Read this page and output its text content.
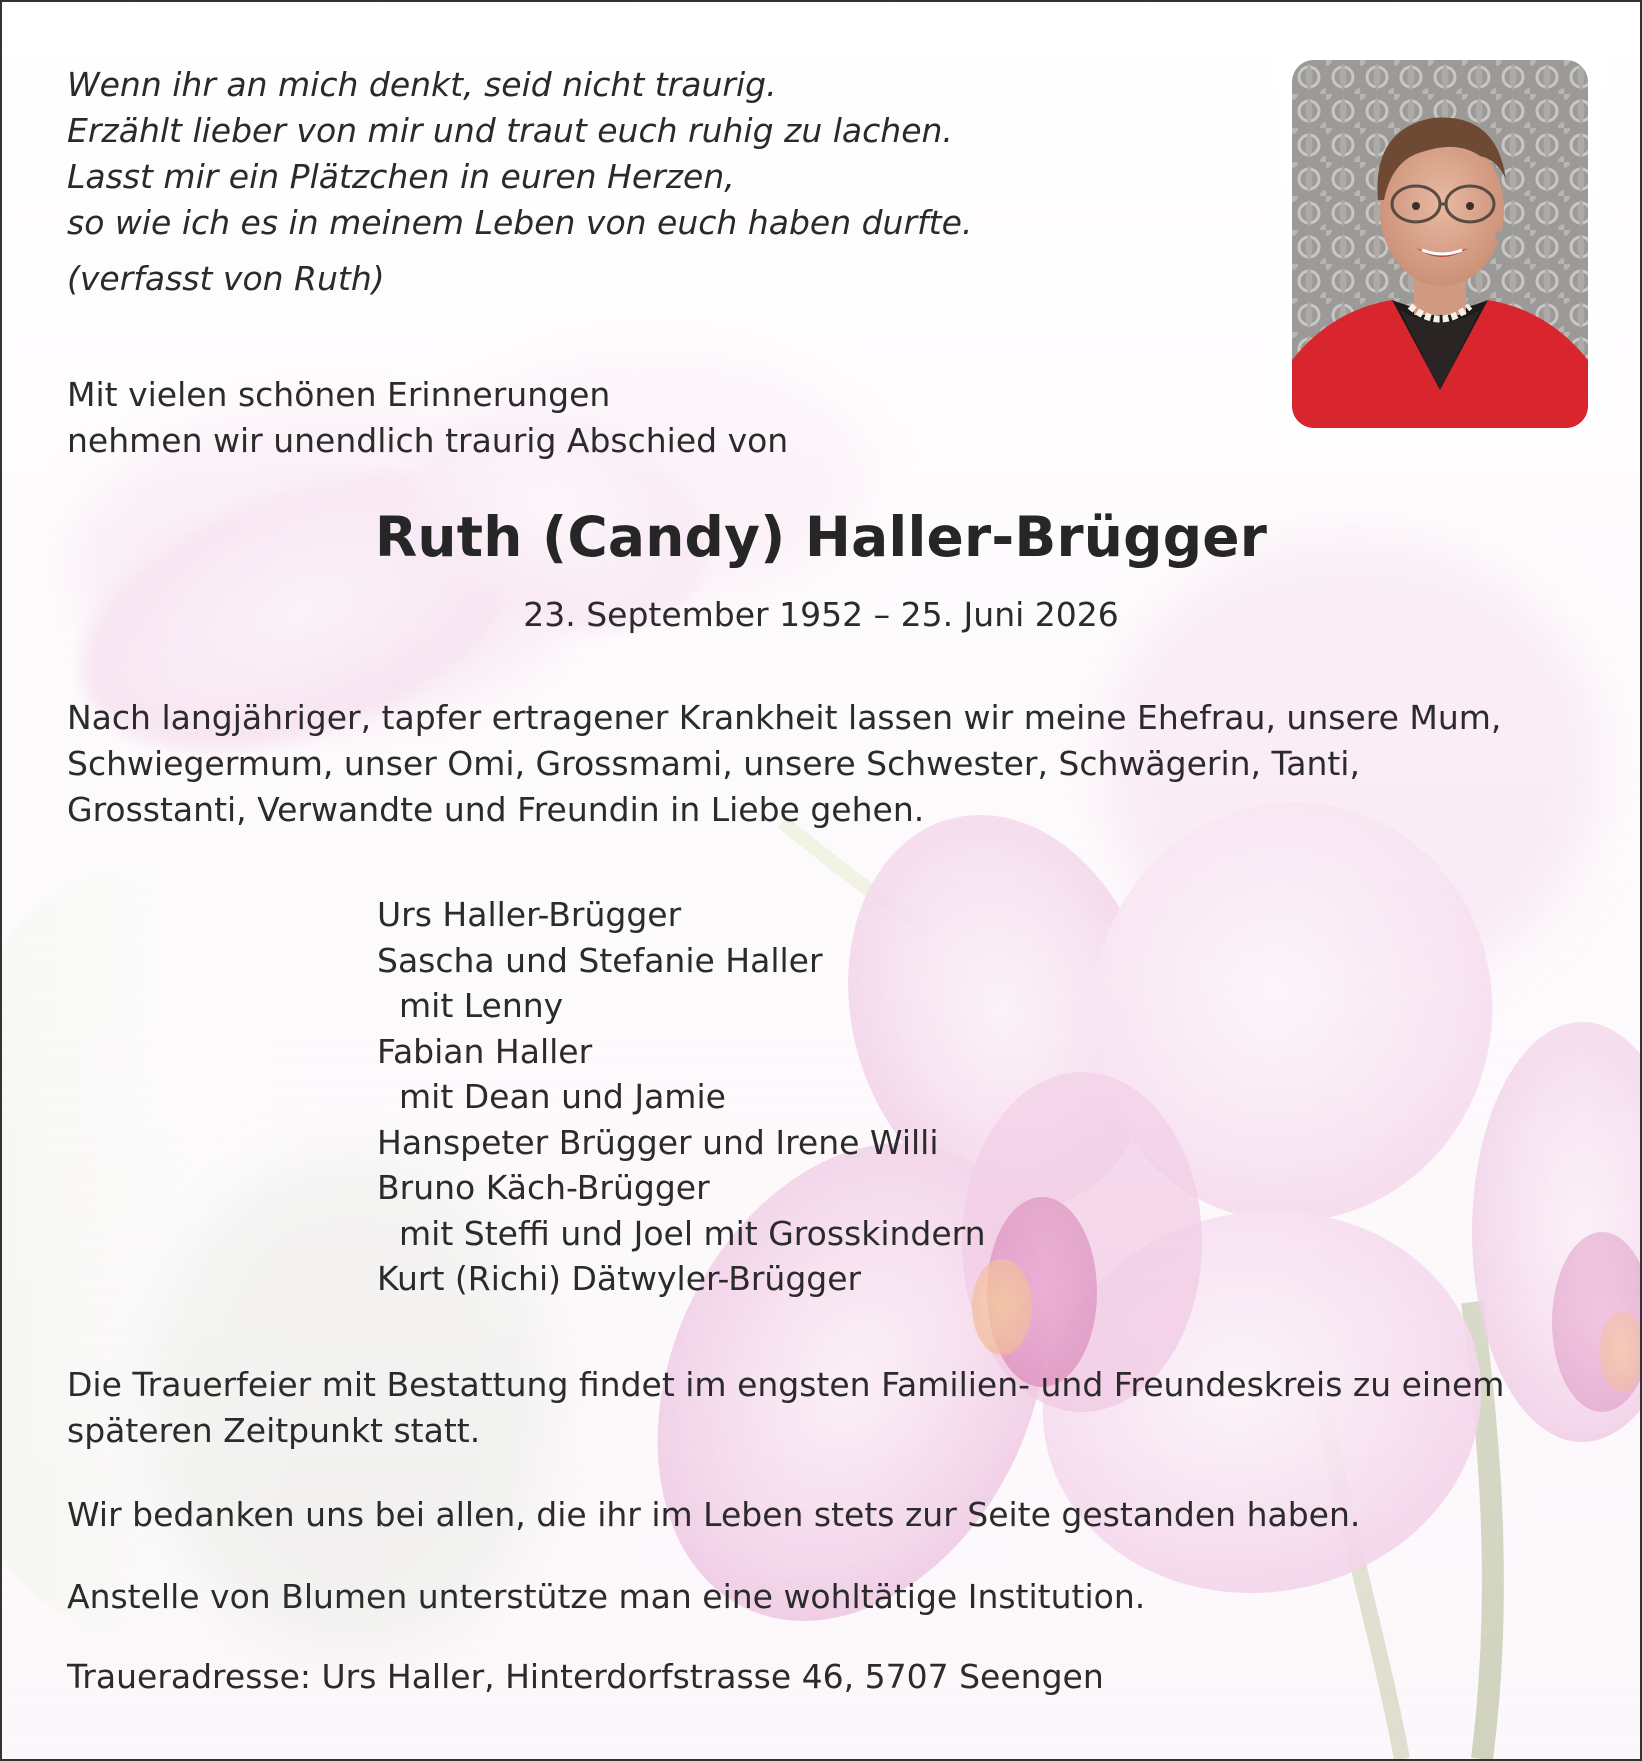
Wenn ihr an mich denkt, seid nicht traurig.
Erzählt lieber von mir und traut euch ruhig zu lachen.
Lasst mir ein Plätzchen in euren Herzen,
so wie ich es in meinem Leben von euch haben durfte.
(verfasst von Ruth)
Mit vielen schönen Erinnerungen
nehmen wir unendlich traurig Abschied von
Ruth (Candy) Haller-Brügger
23. September 1952 – 25. Juni 2026
Nach langjähriger, tapfer ertragener Krankheit lassen wir meine Ehefrau, unsere Mum,
Schwiegermum, unser Omi, Grossmami, unsere Schwester, Schwägerin, Tanti,
Grosstanti, Verwandte und Freundin in Liebe gehen.
Urs Haller-Brügger
Sascha und Stefanie Haller
mit Lenny
Fabian Haller
mit Dean und Jamie
Hanspeter Brügger und Irene Willi
Bruno Käch-Brügger
mit Steffi und Joel mit Grosskindern
Kurt (Richi) Dätwyler-Brügger
Die Trauerfeier mit Bestattung findet im engsten Familien- und Freundeskreis zu einem
späteren Zeitpunkt statt.
Wir bedanken uns bei allen, die ihr im Leben stets zur Seite gestanden haben.
Anstelle von Blumen unterstütze man eine wohltätige Institution.
Traueradresse: Urs Haller, Hinterdorfstrasse 46, 5707 Seengen
